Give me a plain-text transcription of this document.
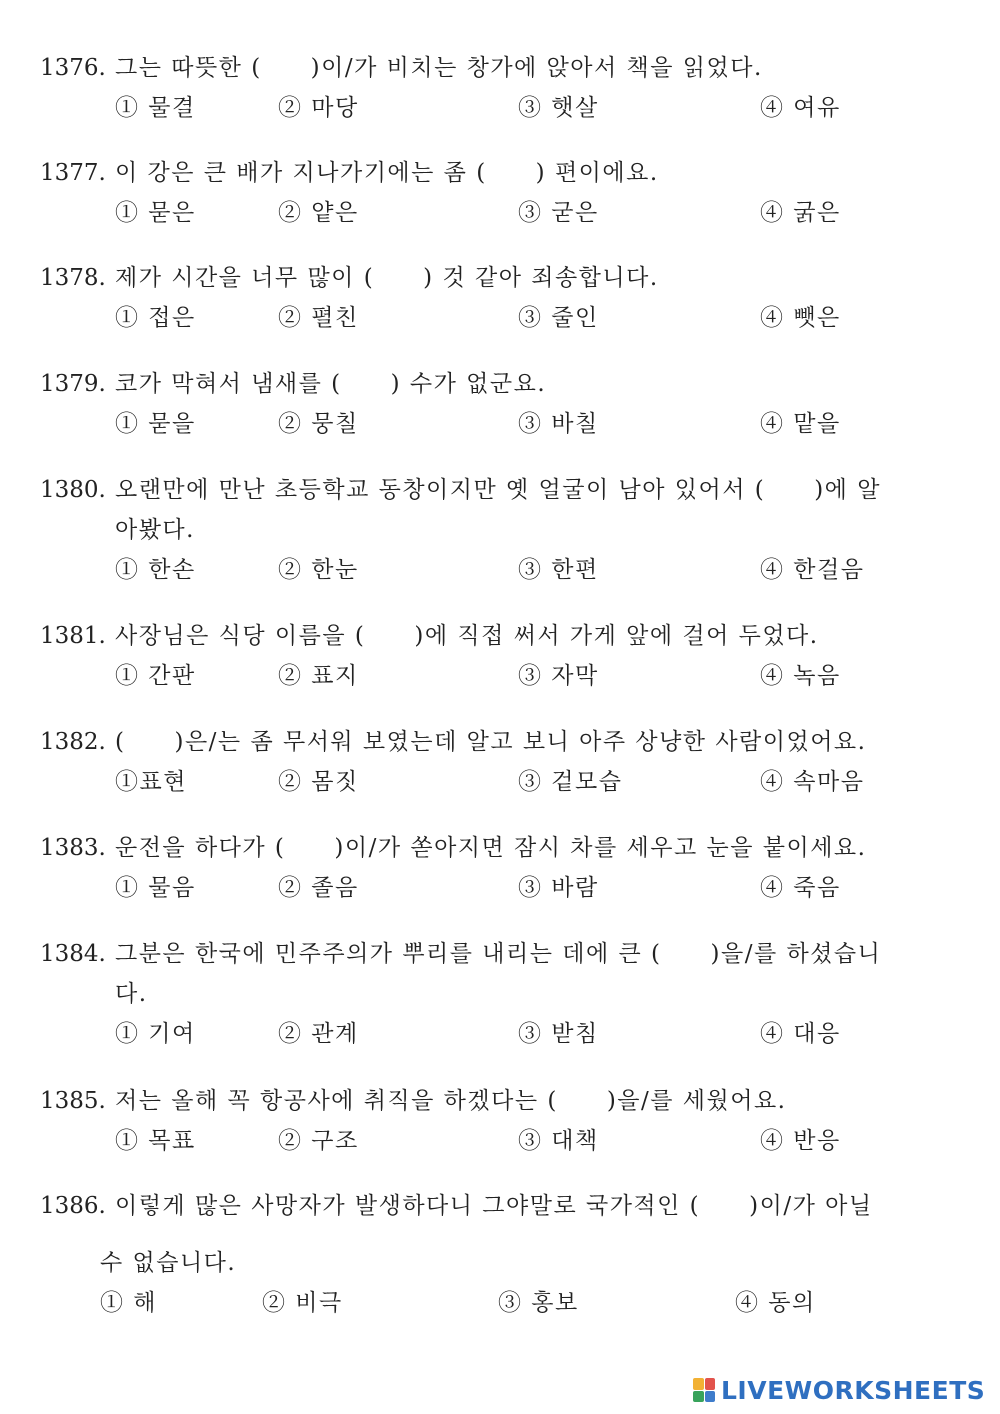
1376. 그는 따뜻한 (　　)이/가 비치는 창가에 앉아서 책을 읽었다.
① 물결	② 마당	③ 햇살	④ 여유
1377. 이 강은 큰 배가 지나가기에는 좀 (　　) 편이에요.
① 묻은	② 얕은	③ 굳은	④ 굵은
1378. 제가 시간을 너무 많이 (　　) 것 같아 죄송합니다.
① 접은	② 펼친	③ 줄인	④ 뺏은
1379. 코가 막혀서 냄새를 (　　) 수가 없군요.
① 묻을	② 뭉칠	③ 바칠	④ 맡을
1380. 오랜만에 만난 초등학교 동창이지만 옛 얼굴이 남아 있어서 (　　)에 알
아봤다.
① 한손	② 한눈	③ 한편	④ 한걸음
1381. 사장님은 식당 이름을 (　　)에 직접 써서 가게 앞에 걸어 두었다.
① 간판	② 표지	③ 자막	④ 녹음
1382. (　　)은/는 좀 무서워 보였는데 알고 보니 아주 상냥한 사람이었어요.
①표현	② 몸짓	③ 겉모습	④ 속마음
1383. 운전을 하다가 (　　)이/가 쏟아지면 잠시 차를 세우고 눈을 붙이세요.
① 물음	② 졸음	③ 바람	④ 죽음
1384. 그분은 한국에 민주주의가 뿌리를 내리는 데에 큰 (　　)을/를 하셨습니
다.
① 기여	② 관계	③ 받침	④ 대응
1385. 저는 올해 꼭 항공사에 취직을 하겠다는 (　　)을/를 세웠어요.
① 목표	② 구조	③ 대책	④ 반응
1386. 이렇게 많은 사망자가 발생하다니 그야말로 국가적인 (　　)이/가 아닐
수 없습니다.
① 해	② 비극	③ 홍보	④ 동의
LIVEWORKSHEETS
